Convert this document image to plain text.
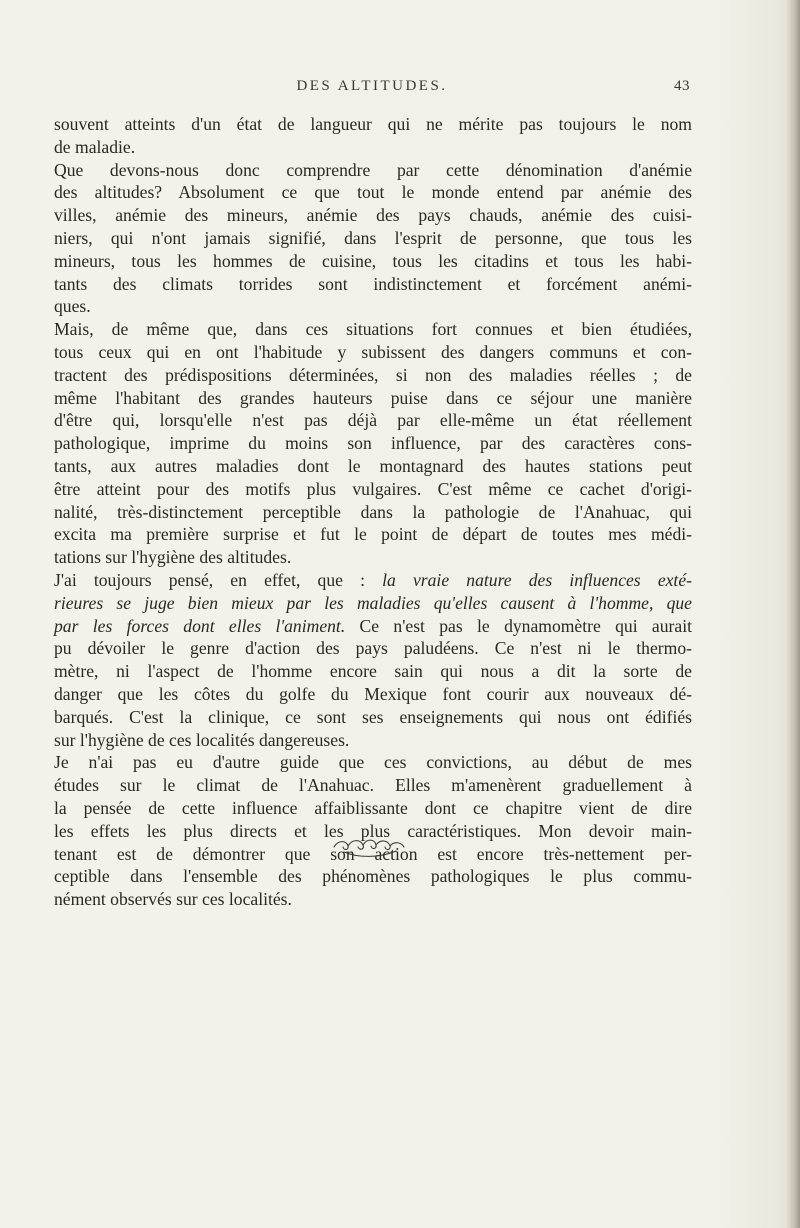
DES ALTITUDES.	43
souvent atteints d'un état de langueur qui ne mérite pas toujours le nom
de maladie.
Que devons-nous donc comprendre par cette dénomination d'anémie
des altitudes? Absolument ce que tout le monde entend par anémie des
villes, anémie des mineurs, anémie des pays chauds, anémie des cuisi-
niers, qui n'ont jamais signifié, dans l'esprit de personne, que tous les
mineurs, tous les hommes de cuisine, tous les citadins et tous les habi-
tants des climats torrides sont indistinctement et forcément anémi-
ques.
Mais, de même que, dans ces situations fort connues et bien étudiées,
tous ceux qui en ont l'habitude y subissent des dangers communs et con-
tractent des prédispositions déterminées, si non des maladies réelles ; de
même l'habitant des grandes hauteurs puise dans ce séjour une manière
d'être qui, lorsqu'elle n'est pas déjà par elle-même un état réellement
pathologique, imprime du moins son influence, par des caractères cons-
tants, aux autres maladies dont le montagnard des hautes stations peut
être atteint pour des motifs plus vulgaires. C'est même ce cachet d'origi-
nalité, très-distinctement perceptible dans la pathologie de l'Anahuac, qui
excita ma première surprise et fut le point de départ de toutes mes médi-
tations sur l'hygiène des altitudes.
J'ai toujours pensé, en effet, que : la vraie nature des influences exté-
rieures se juge bien mieux par les maladies qu'elles causent à l'homme, que
par les forces dont elles l'animent. Ce n'est pas le dynamomètre qui aurait
pu dévoiler le genre d'action des pays paludéens. Ce n'est ni le thermo-
mètre, ni l'aspect de l'homme encore sain qui nous a dit la sorte de
danger que les côtes du golfe du Mexique font courir aux nouveaux dé-
barqués. C'est la clinique, ce sont ses enseignements qui nous ont édifiés
sur l'hygiène de ces localités dangereuses.
Je n'ai pas eu d'autre guide que ces convictions, au début de mes
études sur le climat de l'Anahuac. Elles m'amenèrent graduellement à
la pensée de cette influence affaiblissante dont ce chapitre vient de dire
les effets les plus directs et les plus caractéristiques. Mon devoir main-
tenant est de démontrer que son action est encore très-nettement per-
ceptible dans l'ensemble des phénomènes pathologiques le plus commu-
nément observés sur ces localités.
